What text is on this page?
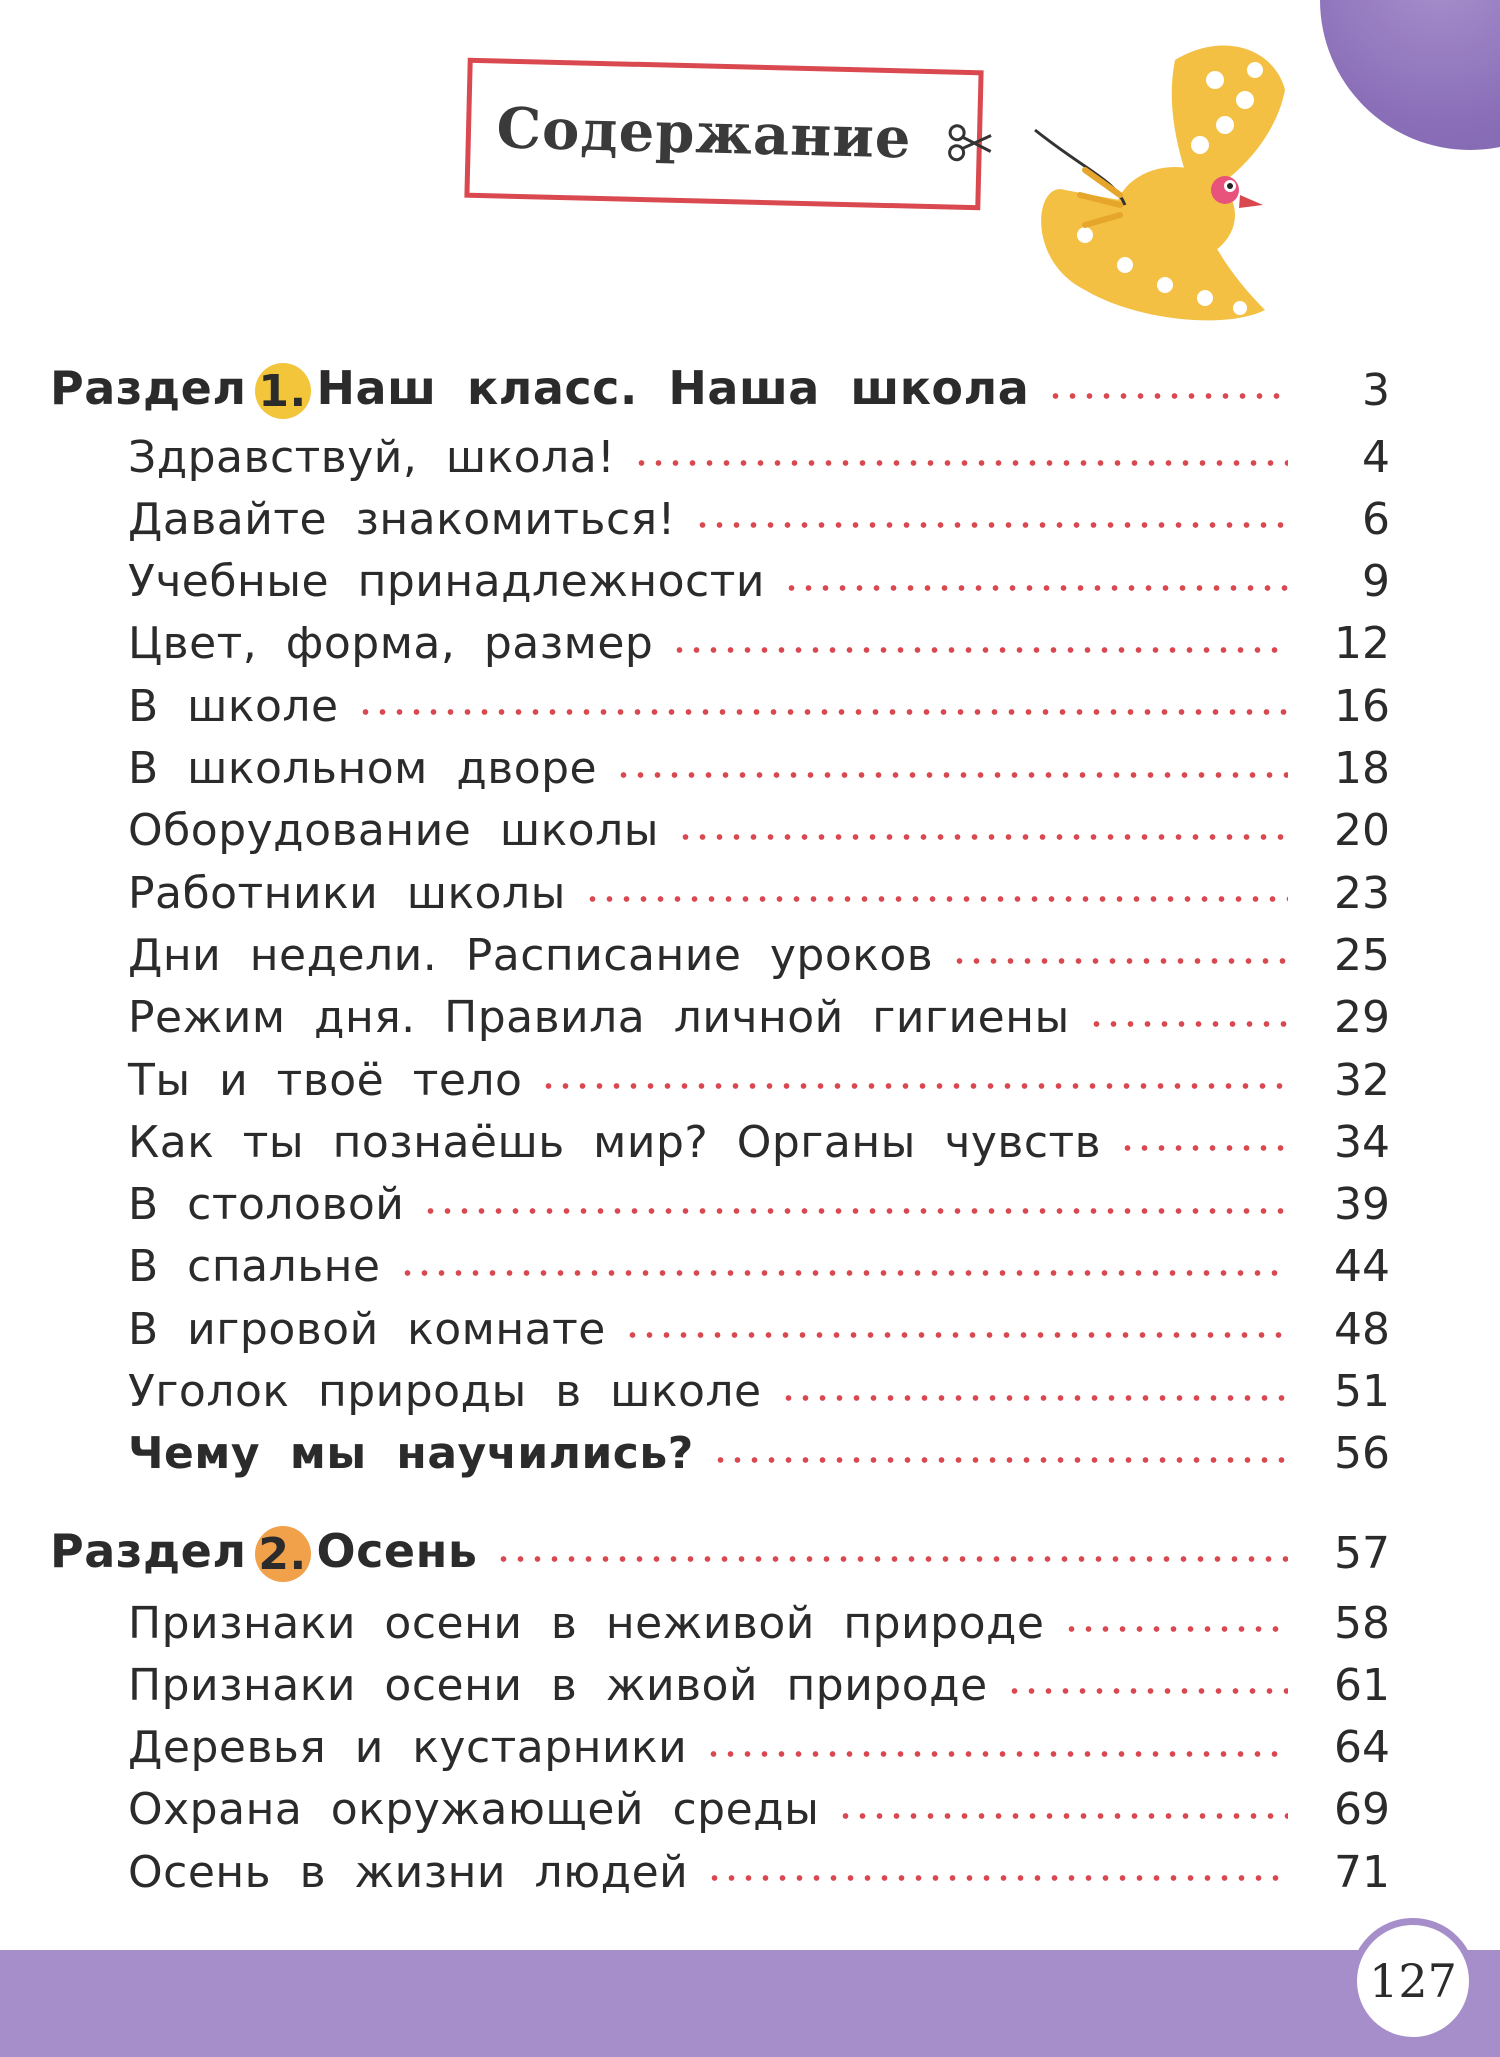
Содержание
Раздел 1. Наш класс. Наша школа	3
Здравствуй, школа!	4
Давайте знакомиться!	6
Учебные принадлежности	9
Цвет, форма, размер	12
В школе	16
В школьном дворе	18
Оборудование школы	20
Работники школы	23
Дни недели. Расписание уроков	25
Режим дня. Правила личной гигиены	29
Ты и твоё тело	32
Как ты познаёшь мир? Органы чувств	34
В столовой	39
В спальне	44
В игровой комнате	48
Уголок природы в школе	51
Чему мы научились?	56
Раздел 2. Осень	57
Признаки осени в неживой природе	58
Признаки осени в живой природе	61
Деревья и кустарники	64
Охрана окружающей среды	69
Осень в жизни людей	71
127
